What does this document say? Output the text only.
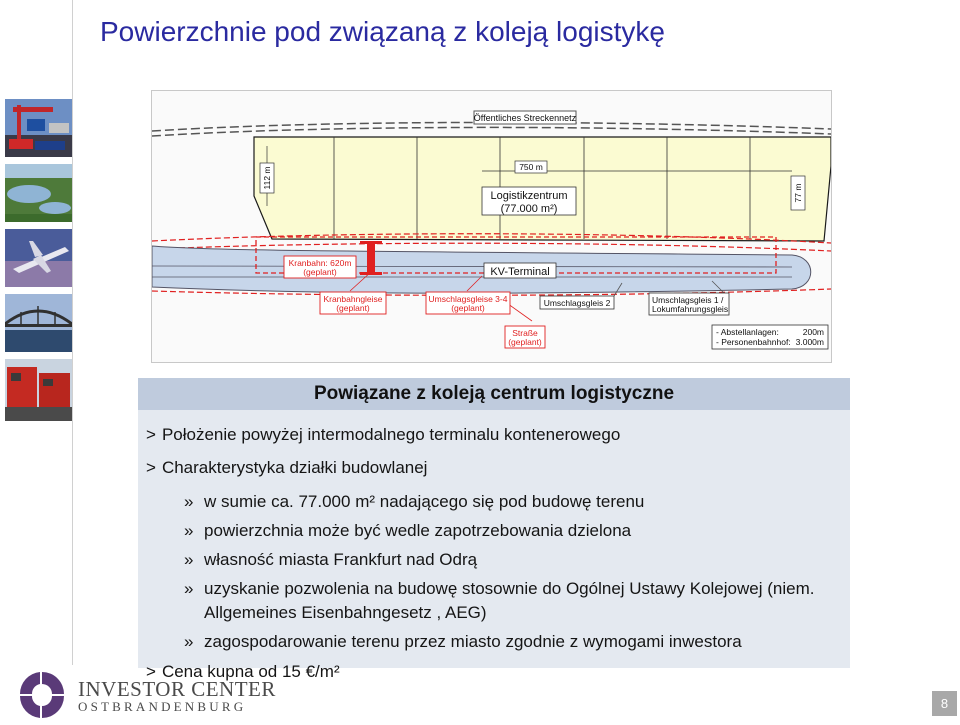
Powierzchnie pod związaną z koleją logistykę
Öffentliches Streckennetz
750 m
112 m
77 m
Logistikzentrum
(77.000 m²)
Kranbahn: 620m
(geplant)	KV-Terminal
Kranbahngleise
(geplant)
Umschlagsgleise 3-4
(geplant)	Umschlagsgleis 2	Umschlagsgleis 1 /
Lokumfahrungsgleis
Straße
(geplant)
- Abstellanlagen:	200m
- Personenbahnhof: 3.000m
Powiązane z koleją centrum logistyczne
> Położenie powyżej intermodalnego terminalu kontenerowego
> Charakterystyka działki budowlanej
» w sumie ca. 77.000 m² nadającego się pod budowę terenu
» powierzchnia może być wedle zapotrzebowania dzielona
» własność miasta Frankfurt nad Odrą
» uzyskanie pozwolenia na budowę stosownie do Ogólnej Ustawy Kolejowej (niem. Allgemeines Eisenbahngesetz , AEG)
» zagospodarowanie terenu przez miasto zgodnie z wymogami inwestora
> Cena kupna od 15 €/m²
INVESTOR CENTER
OSTBRANDENBURG	8
